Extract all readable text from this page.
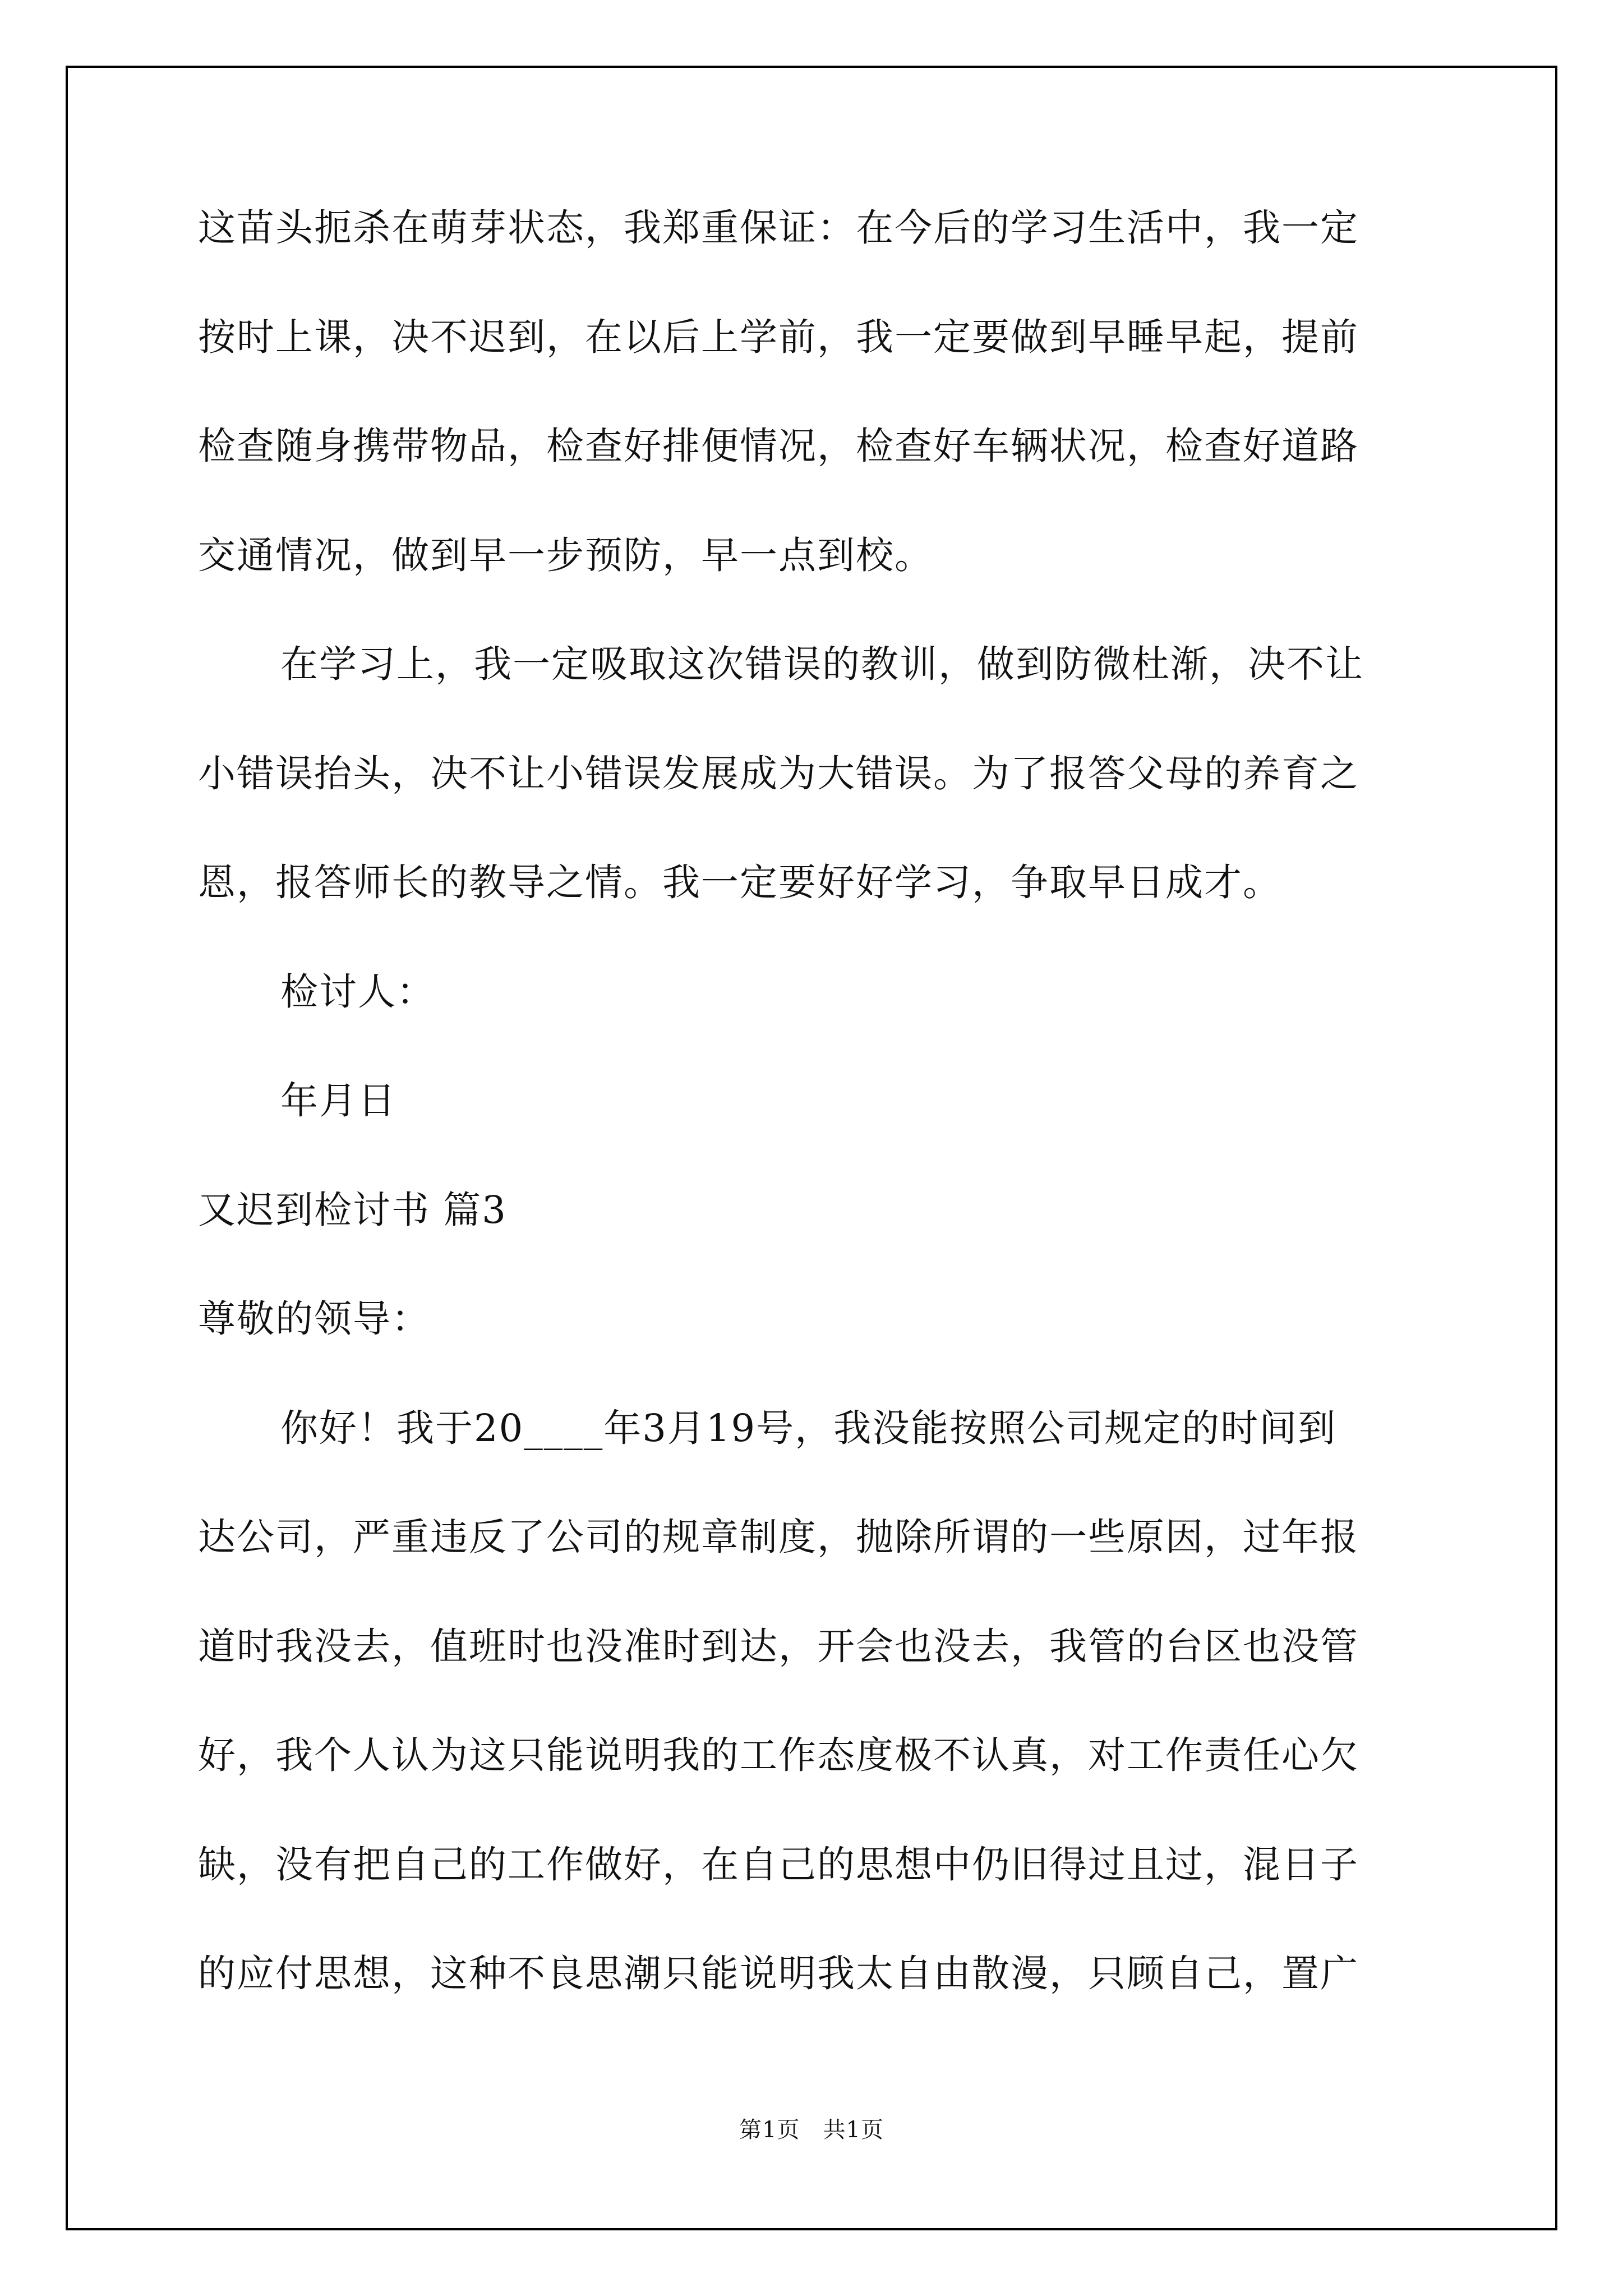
这苗头扼杀在萌芽状态，我郑重保证：在今后的学习生活中，我一定
按时上课，决不迟到，在以后上学前，我一定要做到早睡早起，提前
检查随身携带物品，检查好排便情况，检查好车辆状况，检查好道路
交通情况，做到早一步预防，早一点到校。
在学习上，我一定吸取这次错误的教训，做到防微杜渐，决不让
小错误抬头，决不让小错误发展成为大错误。为了报答父母的养育之
恩，报答师长的教导之情。我一定要好好学习，争取早日成才。
检讨人：
年月日
又迟到检讨书 篇3
尊敬的领导：
你好！我于20____年3月19号，我没能按照公司规定的时间到
达公司，严重违反了公司的规章制度，抛除所谓的一些原因，过年报
道时我没去，值班时也没准时到达，开会也没去，我管的台区也没管
好，我个人认为这只能说明我的工作态度极不认真，对工作责任心欠
缺，没有把自己的工作做好，在自己的思想中仍旧得过且过，混日子
的应付思想，这种不良思潮只能说明我太自由散漫，只顾自己，置广
第1页　共1页
